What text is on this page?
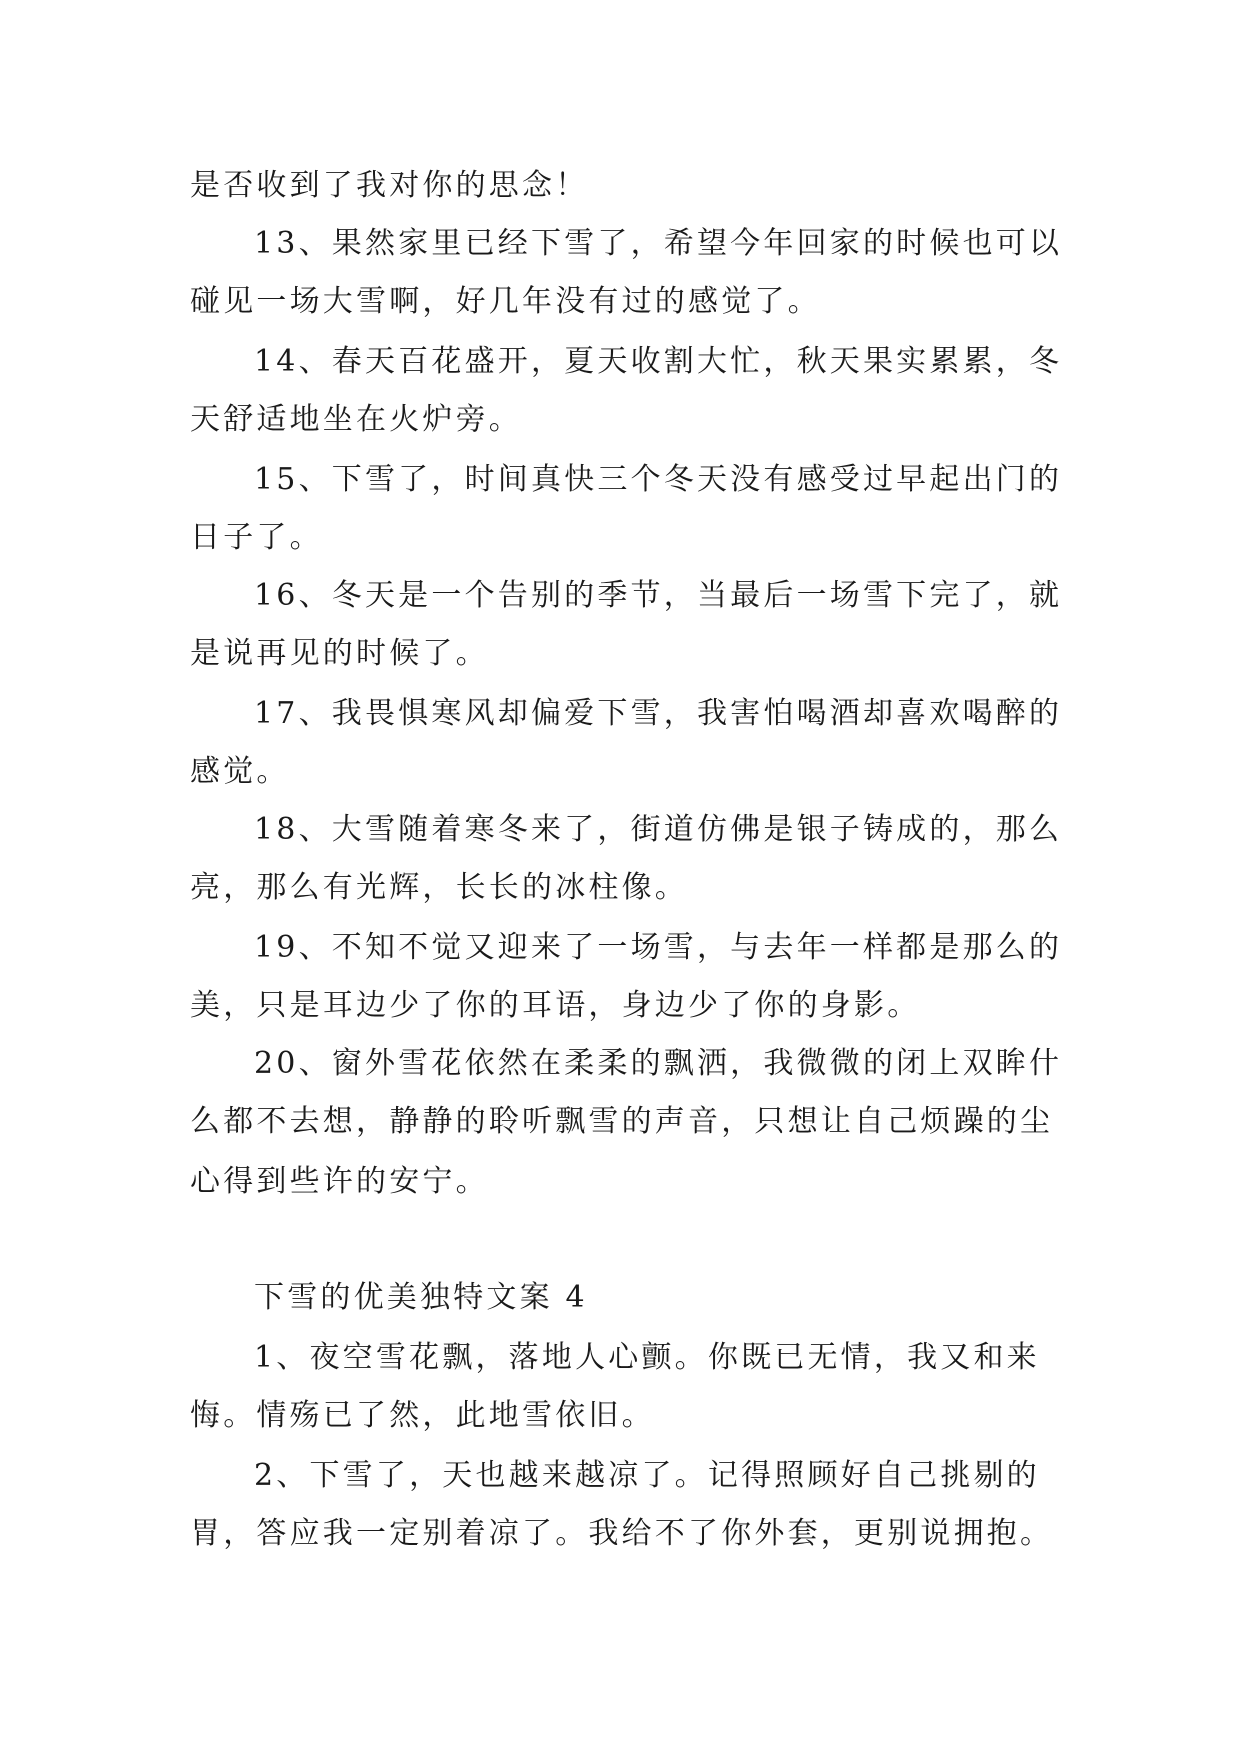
是否收到了我对你的思念！
13、果然家里已经下雪了，希望今年回家的时候也可以
碰见一场大雪啊，好几年没有过的感觉了。
14、春天百花盛开，夏天收割大忙，秋天果实累累，冬
天舒适地坐在火炉旁。
15、下雪了，时间真快三个冬天没有感受过早起出门的
日子了。
16、冬天是一个告别的季节，当最后一场雪下完了，就
是说再见的时候了。
17、我畏惧寒风却偏爱下雪，我害怕喝酒却喜欢喝醉的
感觉。
18、大雪随着寒冬来了，街道仿佛是银子铸成的，那么
亮，那么有光辉，长长的冰柱像。
19、不知不觉又迎来了一场雪，与去年一样都是那么的
美，只是耳边少了你的耳语，身边少了你的身影。
20、窗外雪花依然在柔柔的飘洒，我微微的闭上双眸什
么都不去想，静静的聆听飘雪的声音，只想让自己烦躁的尘
心得到些许的安宁。
下雪的优美独特文案 4
1、夜空雪花飘，落地人心颤。你既已无情，我又和来
悔。情殇已了然，此地雪依旧。
2、下雪了，天也越来越凉了。记得照顾好自己挑剔的
胃，答应我一定别着凉了。我给不了你外套，更别说拥抱。
